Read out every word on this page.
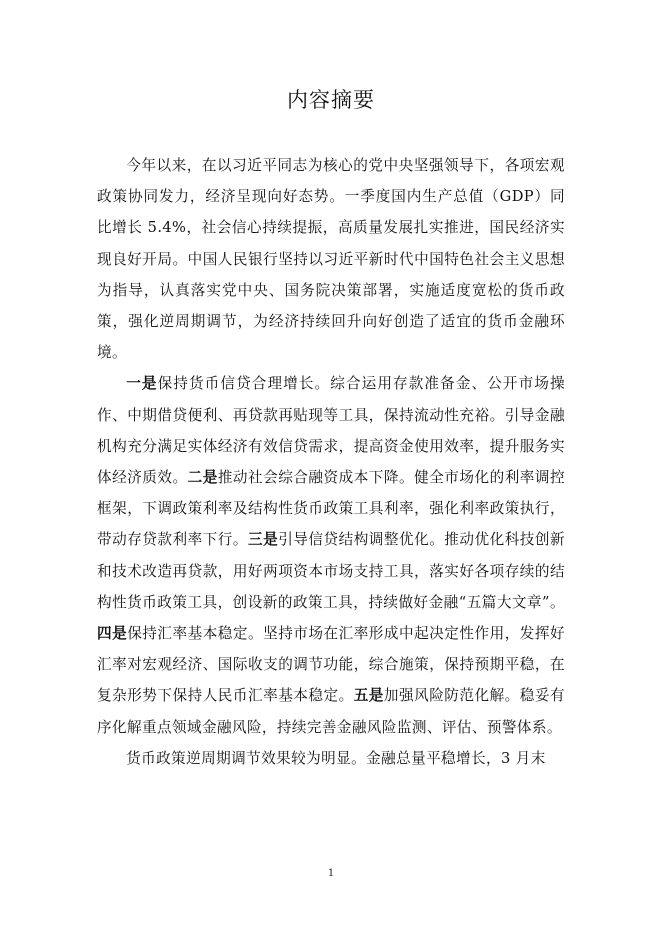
内容摘要

今年以来，在以习近平同志为核心的党中央坚强领导下，各项宏观政策协同发力，经济呈现向好态势。一季度国内生产总值（GDP）同比增长 5.4%，社会信心持续提振，高质量发展扎实推进，国民经济实现良好开局。中国人民银行坚持以习近平新时代中国特色社会主义思想为指导，认真落实党中央、国务院决策部署，实施适度宽松的货币政策，强化逆周期调节，为经济持续回升向好创造了适宜的货币金融环境。

一是保持货币信贷合理增长。综合运用存款准备金、公开市场操作、中期借贷便利、再贷款再贴现等工具，保持流动性充裕。引导金融机构充分满足实体经济有效信贷需求，提高资金使用效率，提升服务实体经济质效。二是推动社会综合融资成本下降。健全市场化的利率调控框架，下调政策利率及结构性货币政策工具利率，强化利率政策执行，带动存贷款利率下行。三是引导信贷结构调整优化。推动优化科技创新和技术改造再贷款，用好两项资本市场支持工具，落实好各项存续的结构性货币政策工具，创设新的政策工具，持续做好金融“五篇大文章”。四是保持汇率基本稳定。坚持市场在汇率形成中起决定性作用，发挥好汇率对宏观经济、国际收支的调节功能，综合施策，保持预期平稳，在复杂形势下保持人民币汇率基本稳定。五是加强风险防范化解。稳妥有序化解重点领域金融风险，持续完善金融风险监测、评估、预警体系。

货币政策逆周期调节效果较为明显。金融总量平稳增长，3 月末

1
